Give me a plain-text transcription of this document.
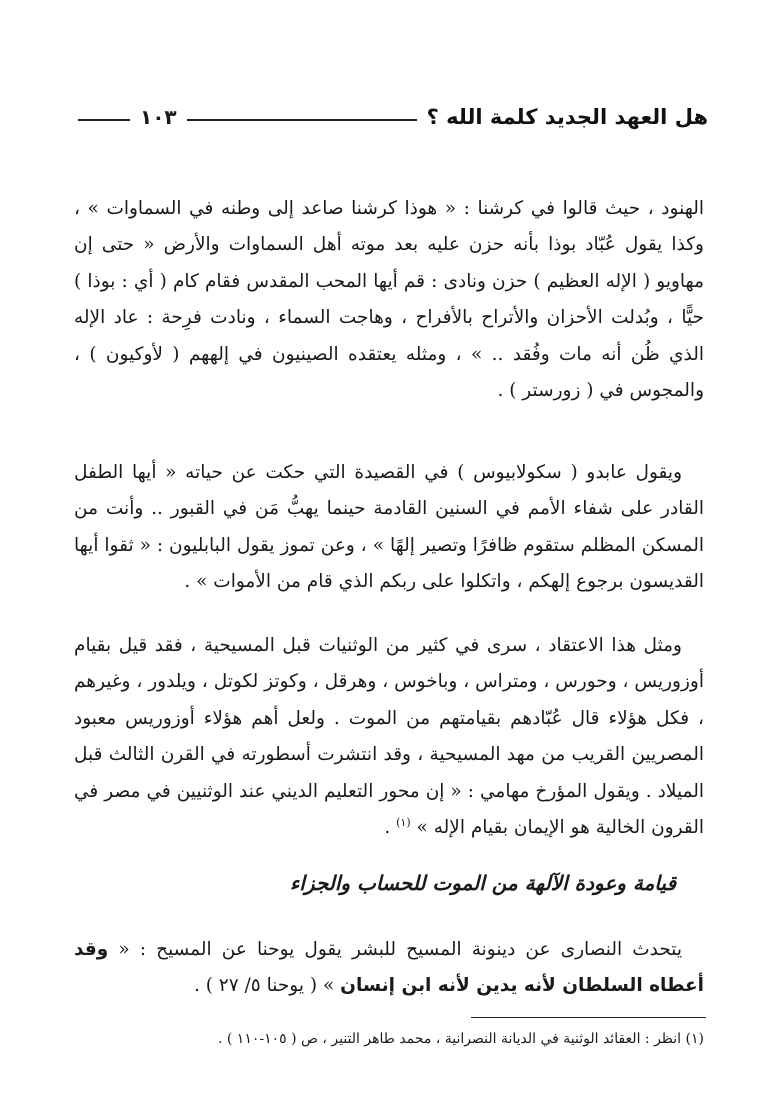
هل العهد الجديد كلمة الله ؟
١٠٣

الهنود ، حيث قالوا في كرشنا : « هوذا كرشنا صاعد إلى وطنه في السماوات » ، وكذا يقول عُبّاد بوذا بأنه حزن عليه بعد موته أهل السماوات والأرض « حتى إن مهاويو ( الإله العظيم ) حزن ونادى : قم أيها المحب المقدس فقام كام ( أي : بوذا ) حيًّا ، وبُدلت الأحزان والأتراح بالأفراح ، وهاجت السماء ، ونادت فرِحة : عاد الإله الذي ظُن أنه مات وفُقد .. » ، ومثله يعتقده الصينيون في إلههم ( لأوكيون ) ، والمجوس في ( زورستر ) .

ويقول عابدو ( سكولابيوس ) في القصيدة التي حكت عن حياته « أيها الطفل القادر على شفاء الأمم في السنين القادمة حينما يهبُّ مَن في القبور .. وأنت من المسكن المظلم ستقوم ظافرًا وتصير إلهًا » ، وعن تموز يقول البابليون : « ثقوا أيها القديسون برجوع إلهكم ، واتكلوا على ربكم الذي قام من الأموات » .

ومثل هذا الاعتقاد ، سرى في كثير من الوثنيات قبل المسيحية ، فقد قيل بقيام أوزوريس ، وحورس ، ومتراس ، وباخوس ، وهرقل ، وكوتز لكوتل ، ويلدور ، وغيرهم ، فكل هؤلاء قال عُبّادهم بقيامتهم من الموت . ولعل أهم هؤلاء أوزوريس معبود المصريين القريب من مهد المسيحية ، وقد انتشرت أسطورته في القرن الثالث قبل الميلاد . ويقول المؤرخ مهامي : « إن محور التعليم الديني عند الوثنيين في مصر في القرون الخالية هو الإيمان بقيام الإله » $^{(١)}$ .

قيامة وعودة الآلهة من الموت للحساب والجزاء

يتحدث النصارى عن دينونة المسيح للبشر يقول يوحنا عن المسيح : « وقد أعطاه السلطان لأنه يدين لأنه ابن إنسان » ( يوحنا ٥/ ٢٧ ) .

(١) انظر : العقائد الوثنية في الديانة النصرانية ، محمد طاهر التنير ، ص ( ١٠٥-١١٠ ) .
